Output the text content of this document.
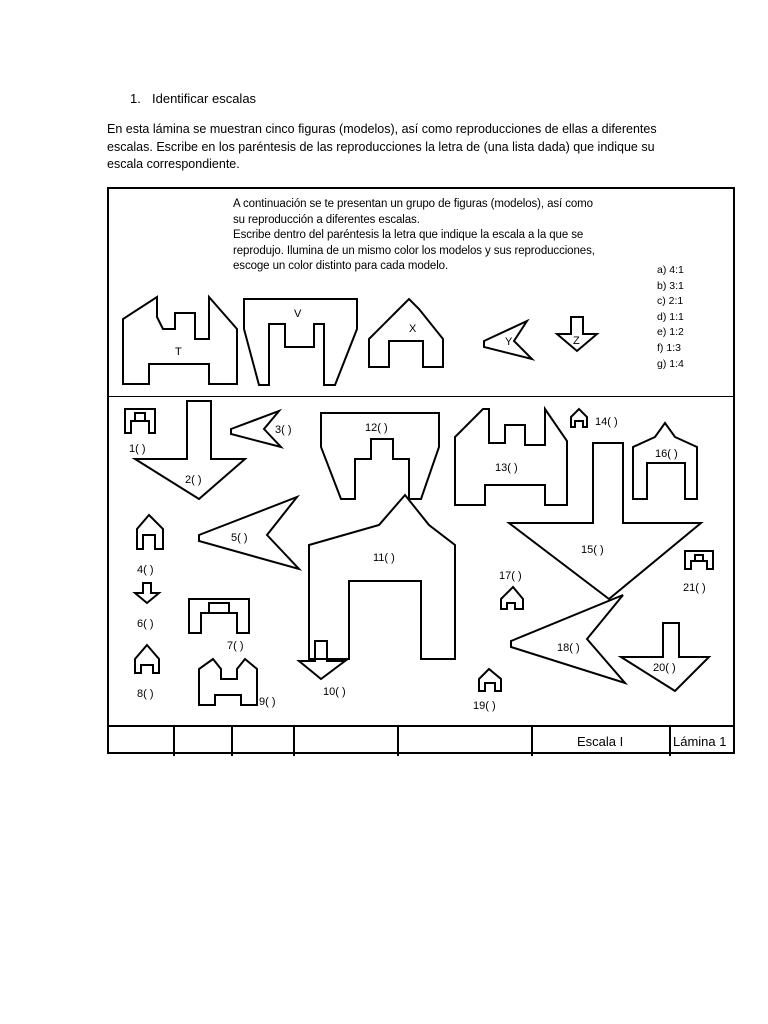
1. Identificar escalas
En esta lámina se muestran cinco figuras (modelos), así como reproducciones de ellas a diferentes escalas. Escribe en los paréntesis de las reproducciones la letra de (una lista dada) que indique su escala correspondiente.
A continuación se te presentan un grupo de figuras (modelos), así como
su reproducción a diferentes escalas.
Escribe dentro del paréntesis la letra que indique la escala a la que se
reprodujo. Ilumina de un mismo color los modelos y sus reproducciones,
escoge un color distinto para cada modelo.	a) 4:1
b) 3:1
c) 2:1
d) 1:1
e) 1:2
f) 1:3
g) 1:4
T
V
X
Y	Z
1( )
2( )
3( )
4( )
5( )
6( )
7( )
8( )
9( )
10( )
11( )
12( )
13( )
14( )
15( )
16( )
17( )
18( )
19( )
20( )
21( )
Escala I	Lámina 1
